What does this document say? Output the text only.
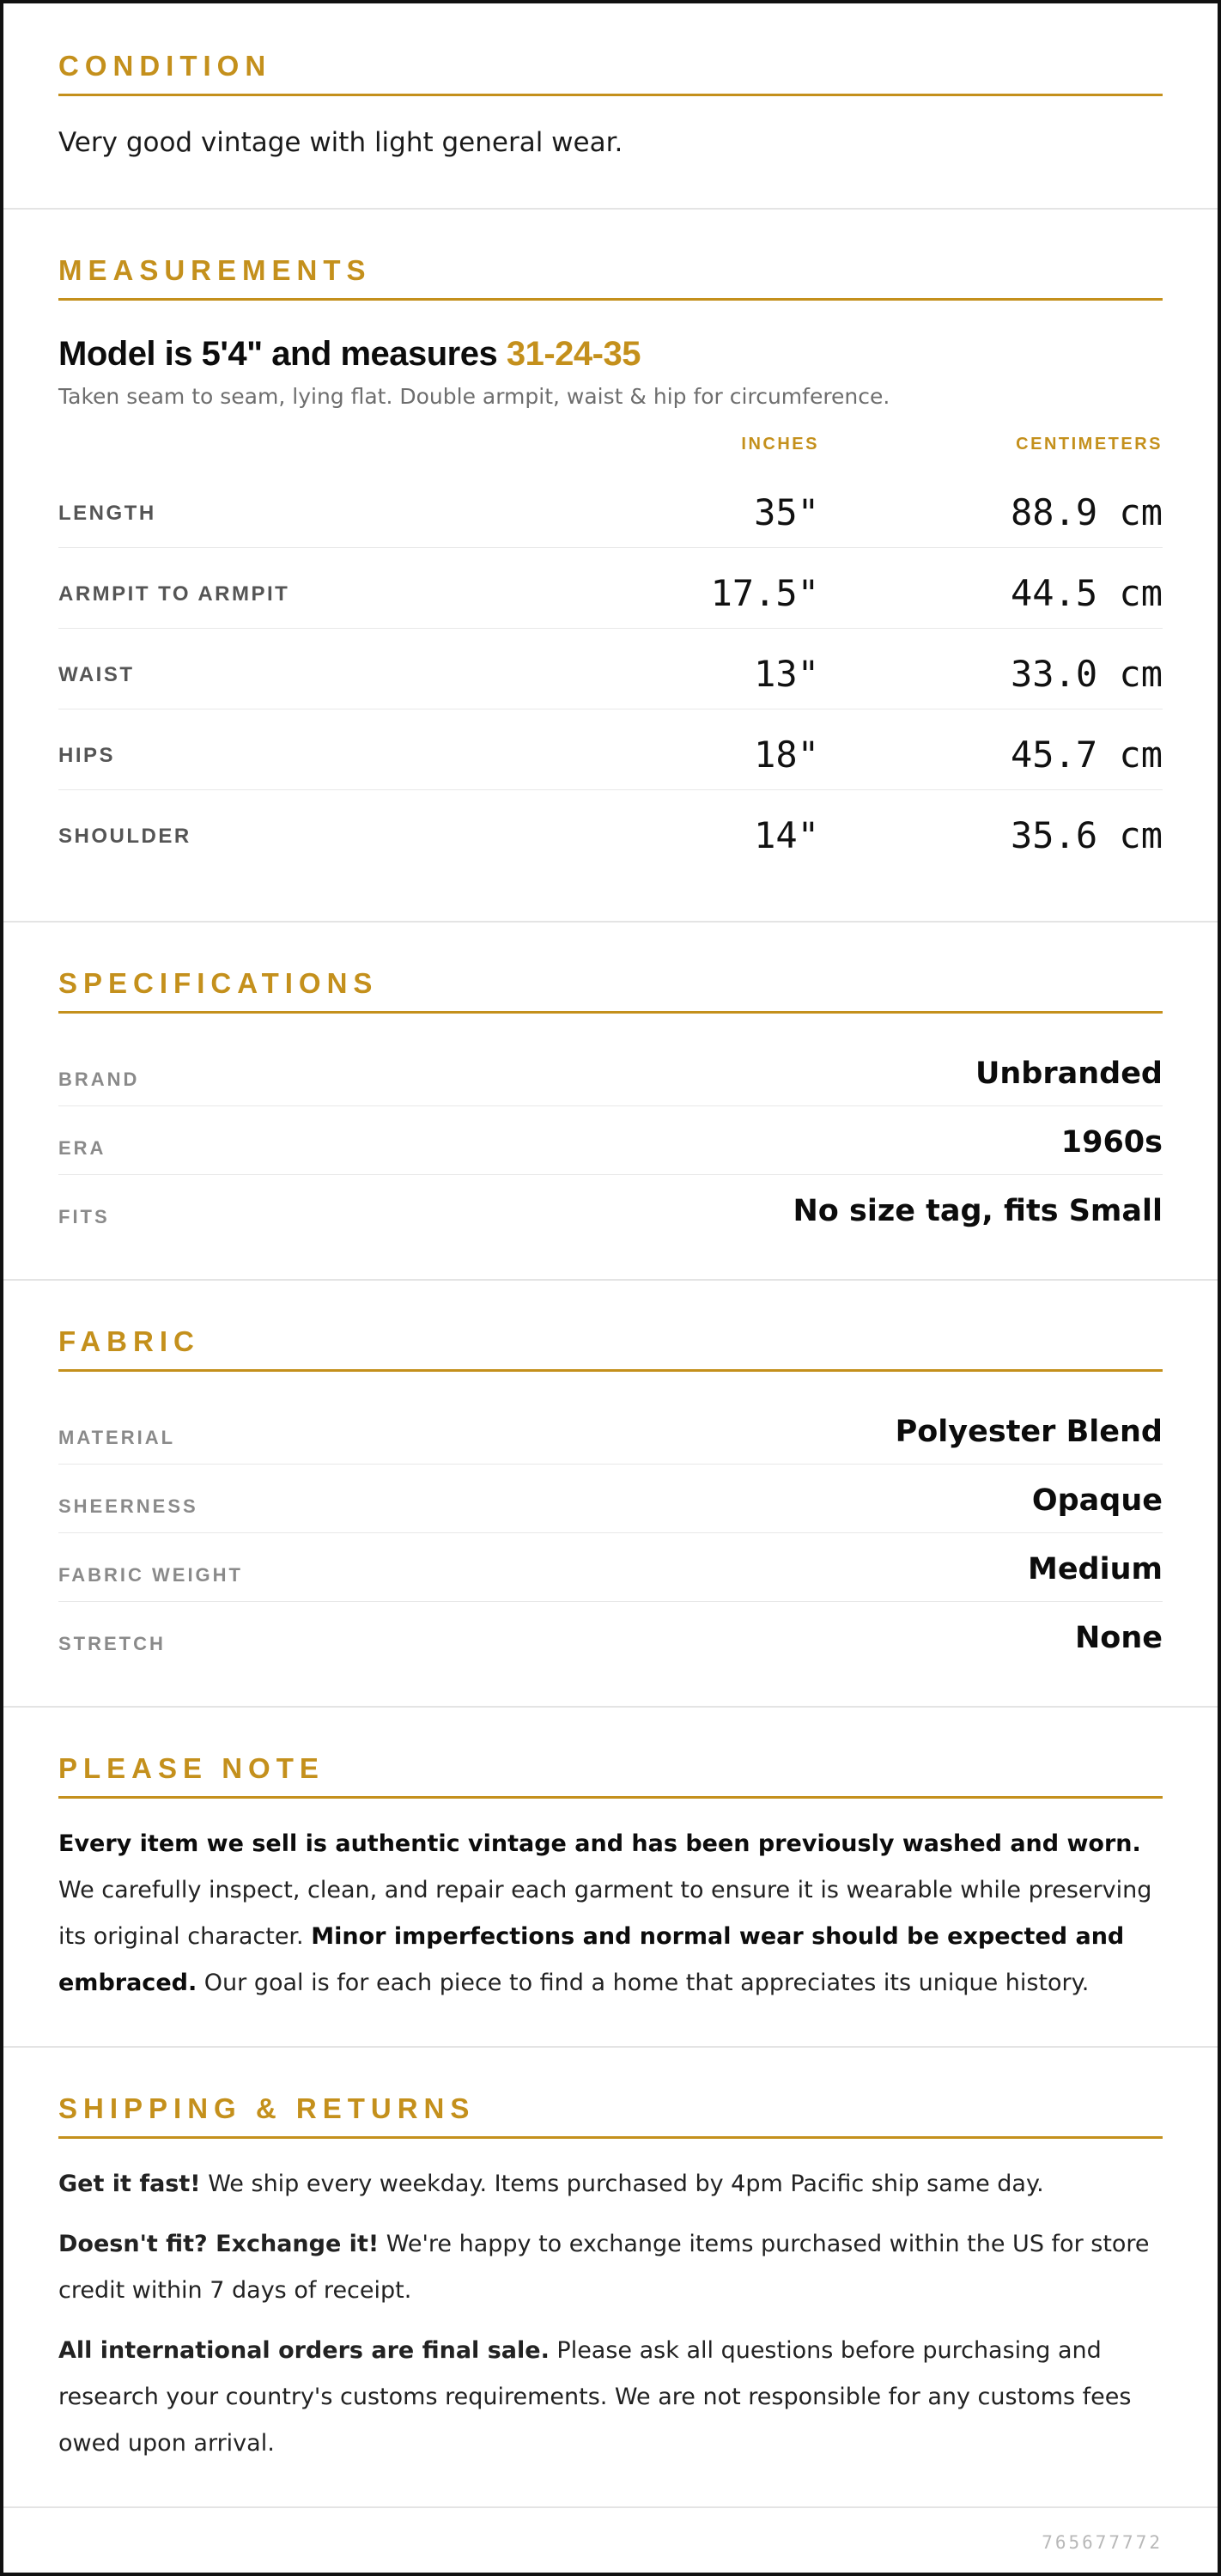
CONDITION

Very good vintage with light general wear.

MEASUREMENTS
Model is 5'4" and measures 31-24-35
Taken seam to seam, lying flat. Double armpit, waist & hip for circumference.
INCHES	CENTIMETERS
LENGTH	35"	88.9 cm
ARMPIT TO ARMPIT	17.5"	44.5 cm
WAIST	13"	33.0 cm
HIPS	18"	45.7 cm
SHOULDER	14"	35.6 cm
SPECIFICATIONS
BRAND	Unbranded
ERA	1960s
FITS	No size tag, fits Small
FABRIC
MATERIAL	Polyester Blend
SHEERNESS	Opaque
FABRIC WEIGHT	Medium
STRETCH	None
PLEASE NOTE

Every item we sell is authentic vintage and has been previously washed and worn. We carefully inspect, clean, and repair each garment to ensure it is wearable while preserving its original character. Minor imperfections and normal wear should be expected and embraced. Our goal is for each piece to find a home that appreciates its unique history.

SHIPPING & RETURNS

Get it fast! We ship every weekday. Items purchased by 4pm Pacific ship same day.

Doesn't fit? Exchange it! We're happy to exchange items purchased within the US for store credit within 7 days of receipt.

All international orders are final sale. Please ask all questions before purchasing and research your country's customs requirements. We are not responsible for any customs fees owed upon arrival.

765677772
